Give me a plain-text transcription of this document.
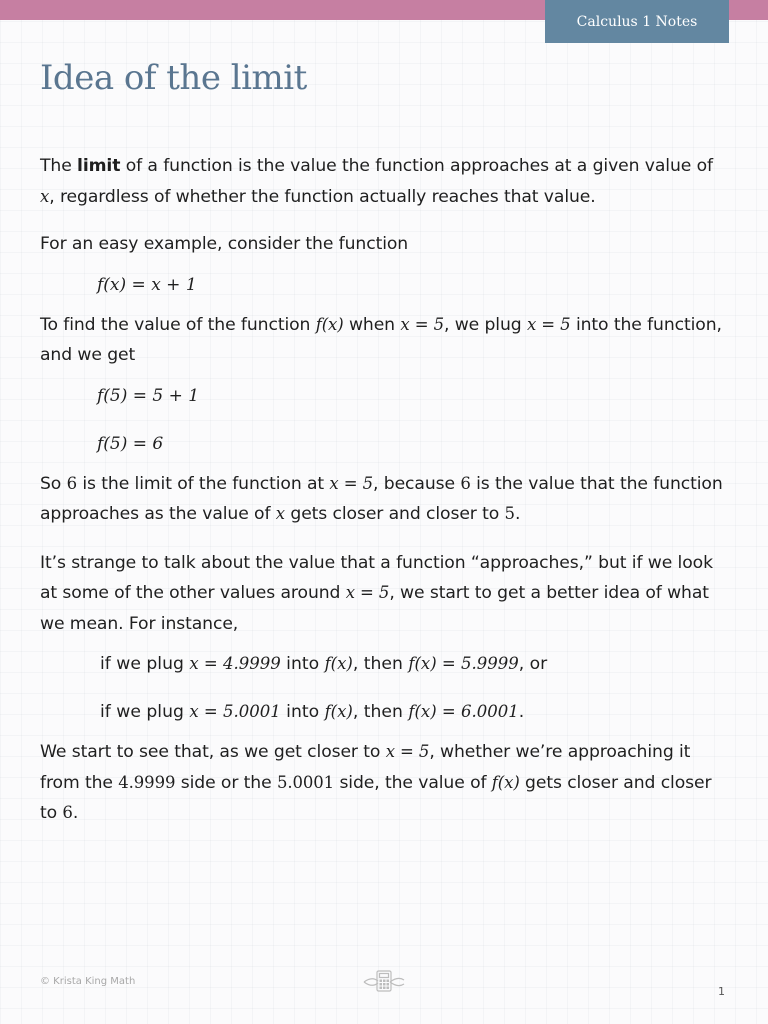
Calculus 1 Notes
Idea of the limit

The limit of a function is the value the function approaches at a given value of x, regardless of whether the function actually reaches that value.

For an easy example, consider the function

f(x) = x + 1

To find the value of the function f(x) when x = 5, we plug x = 5 into the function, and we get

f(5) = 5 + 1

f(5) = 6

So 6 is the limit of the function at x = 5, because 6 is the value that the function approaches as the value of x gets closer and closer to 5.

It’s strange to talk about the value that a function “approaches,” but if we look at some of the other values around x = 5, we start to get a better idea of what we mean. For instance,

if we plug x = 4.9999 into f(x), then f(x) = 5.9999, or

if we plug x = 5.0001 into f(x), then f(x) = 6.0001.

We start to see that, as we get closer to x = 5, whether we’re approaching it from the 4.9999 side or the 5.0001 side, the value of f(x) gets closer and closer to 6.

© Krista King Math
1
